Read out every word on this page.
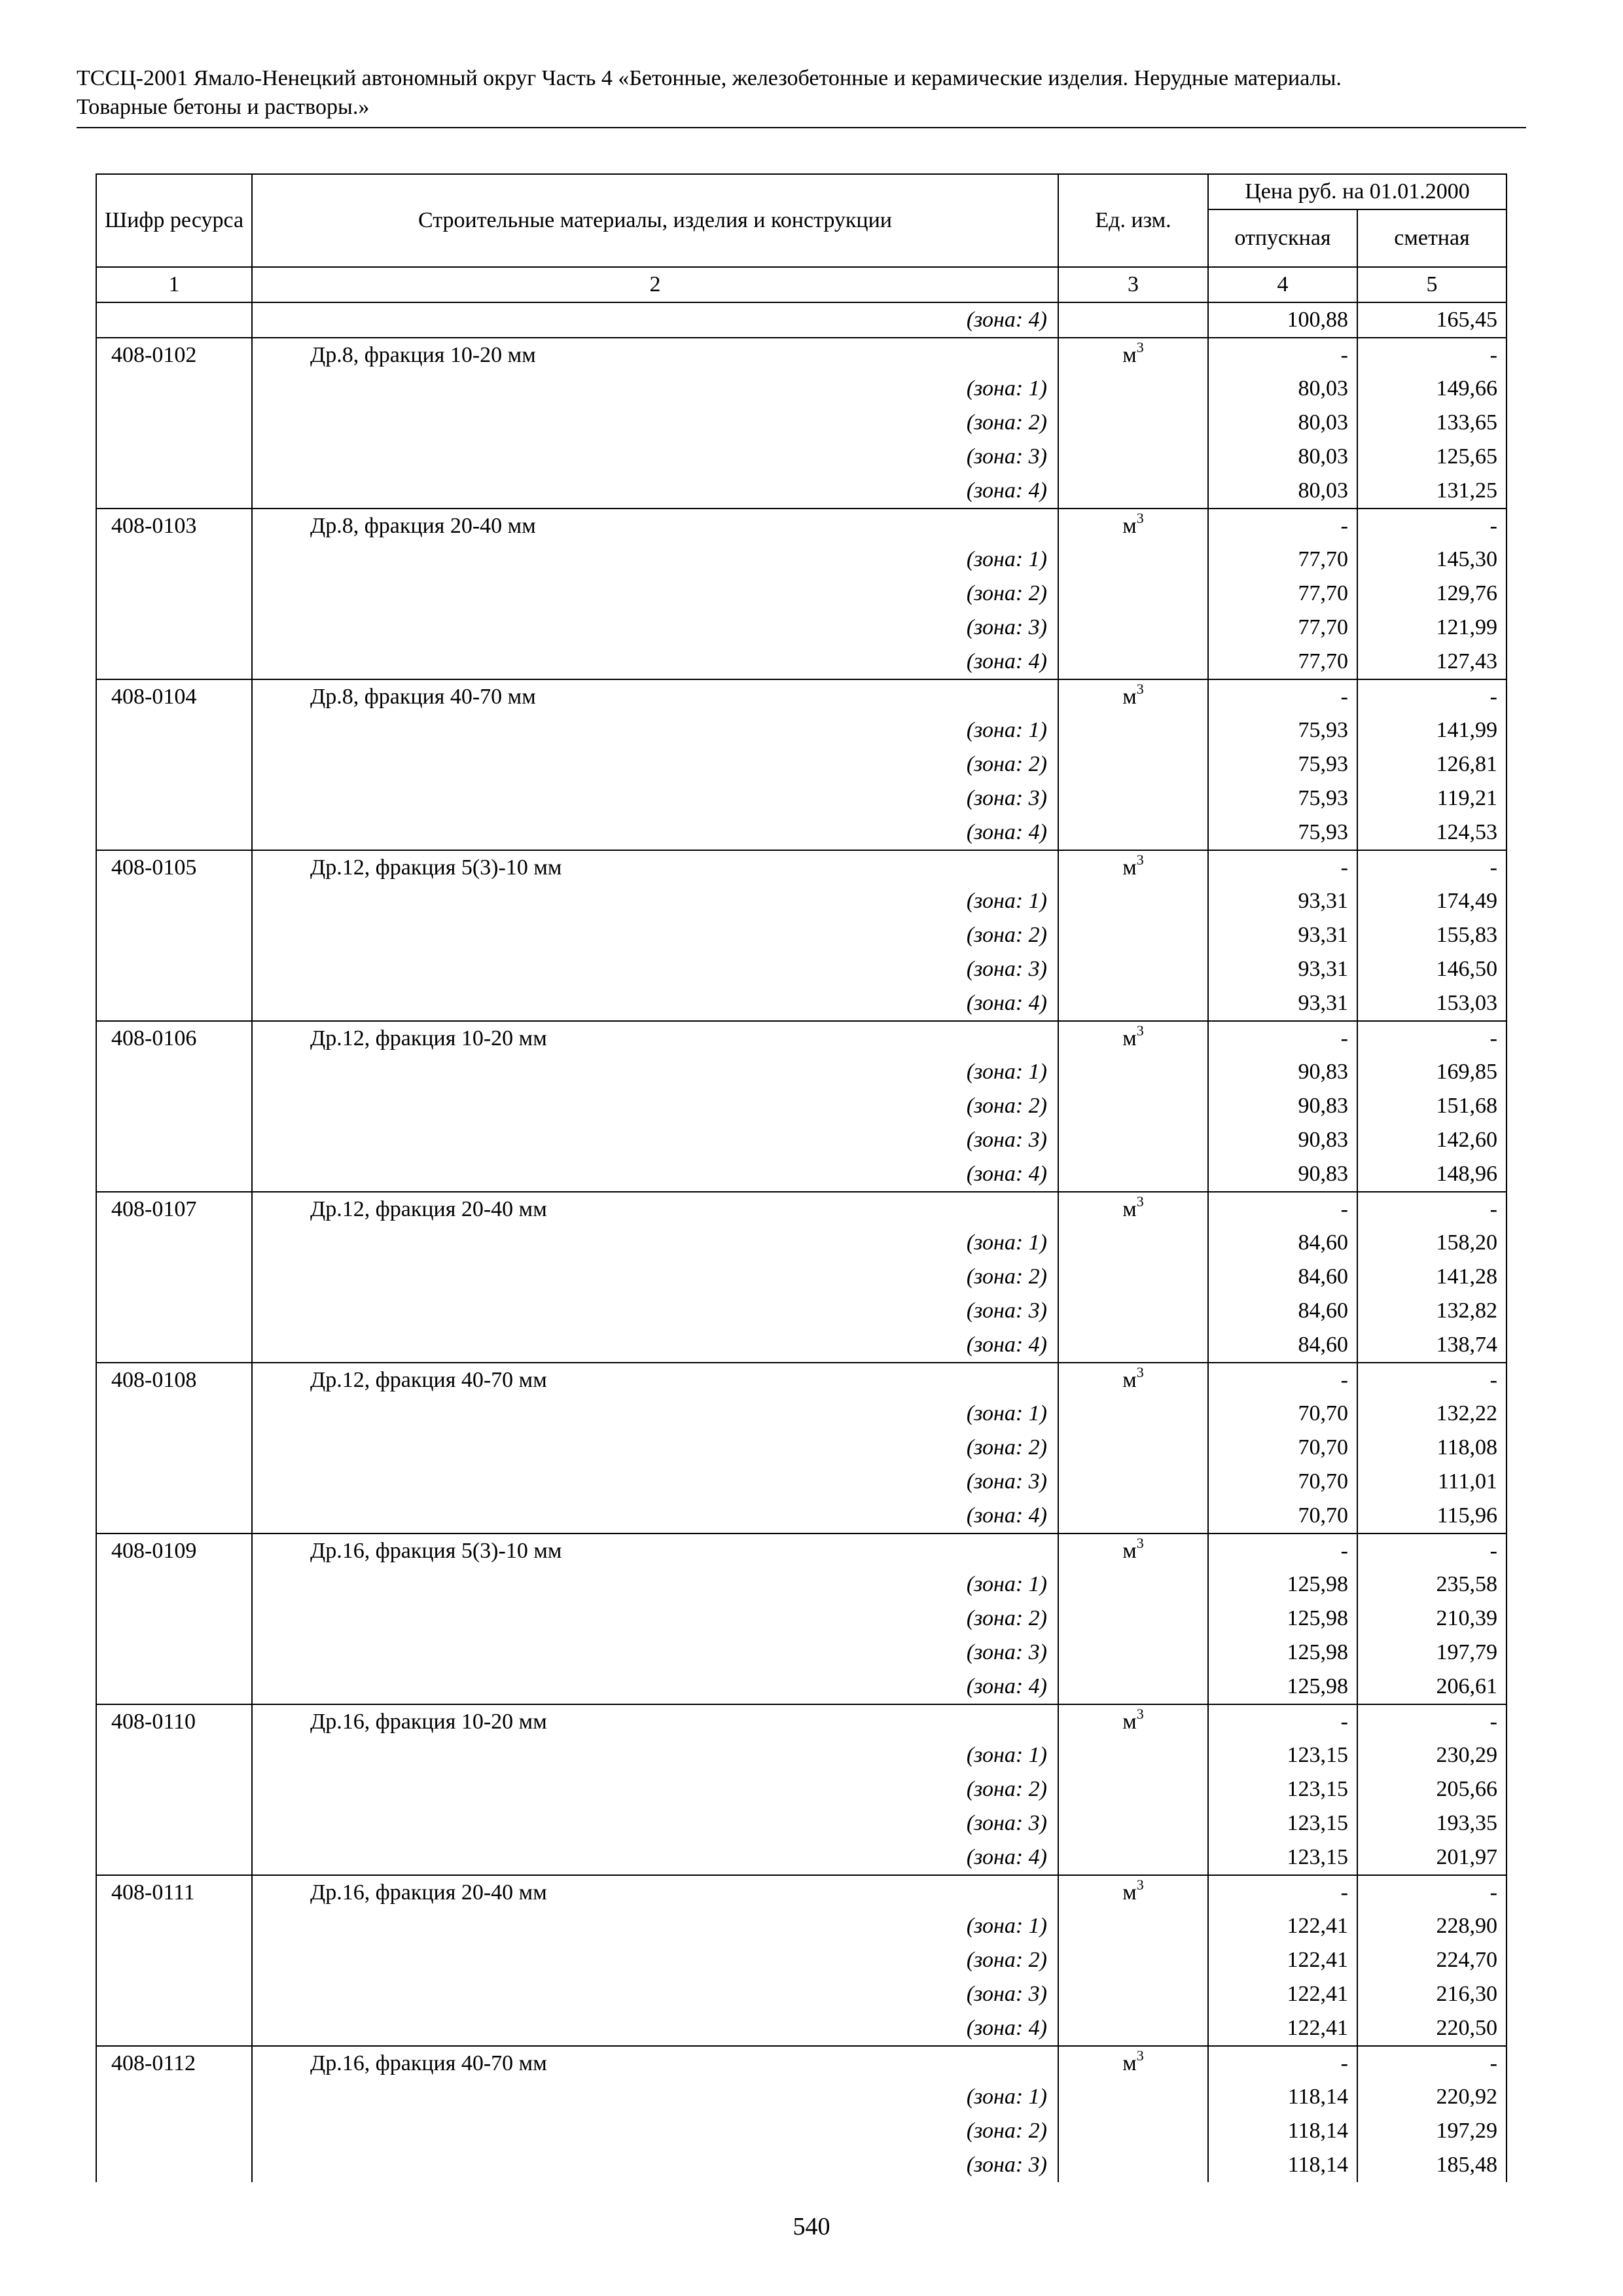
ТССЦ-2001 Ямало-Ненецкий автономный округ Часть 4 «Бетонные, железобетонные и керамические изделия. Нерудные материалы.
Товарные бетоны и растворы.»
Шифр ресурса	Строительные материалы, изделия и конструкции	Ед. изм.	Цена руб. на 01.01.2000	
			отпускная	сметная
1	2	3	4	5
	(зона: 4)		100,88	165,45
408-0102	Др.8, фракция 10-20 мм	$м^3$	-	-
	(зона: 1)		80,03	149,66
	(зона: 2)		80,03	133,65
	(зона: 3)		80,03	125,65
	(зона: 4)		80,03	131,25
408-0103	Др.8, фракция 20-40 мм	$м^3$	-	-
	(зона: 1)		77,70	145,30
	(зона: 2)		77,70	129,76
	(зона: 3)		77,70	121,99
	(зона: 4)		77,70	127,43
408-0104	Др.8, фракция 40-70 мм	$м^3$	-	-
	(зона: 1)		75,93	141,99
	(зона: 2)		75,93	126,81
	(зона: 3)		75,93	119,21
	(зона: 4)		75,93	124,53
408-0105	Др.12, фракция 5(3)-10 мм	$м^3$	-	-
	(зона: 1)		93,31	174,49
	(зона: 2)		93,31	155,83
	(зона: 3)		93,31	146,50
	(зона: 4)		93,31	153,03
408-0106	Др.12, фракция 10-20 мм	$м^3$	-	-
	(зона: 1)		90,83	169,85
	(зона: 2)		90,83	151,68
	(зона: 3)		90,83	142,60
	(зона: 4)		90,83	148,96
408-0107	Др.12, фракция 20-40 мм	$м^3$	-	-
	(зона: 1)		84,60	158,20
	(зона: 2)		84,60	141,28
	(зона: 3)		84,60	132,82
	(зона: 4)		84,60	138,74
408-0108	Др.12, фракция 40-70 мм	$м^3$	-	-
	(зона: 1)		70,70	132,22
	(зона: 2)		70,70	118,08
	(зона: 3)		70,70	111,01
	(зона: 4)		70,70	115,96
408-0109	Др.16, фракция 5(3)-10 мм	$м^3$	-	-
	(зона: 1)		125,98	235,58
	(зона: 2)		125,98	210,39
	(зона: 3)		125,98	197,79
	(зона: 4)		125,98	206,61
408-0110	Др.16, фракция 10-20 мм	$м^3$	-	-
	(зона: 1)		123,15	230,29
	(зона: 2)		123,15	205,66
	(зона: 3)		123,15	193,35
	(зона: 4)		123,15	201,97
408-0111	Др.16, фракция 20-40 мм	$м^3$	-	-
	(зона: 1)		122,41	228,90
	(зона: 2)		122,41	224,70
	(зона: 3)		122,41	216,30
	(зона: 4)		122,41	220,50
408-0112	Др.16, фракция 40-70 мм	$м^3$	-	-
	(зона: 1)		118,14	220,92
	(зона: 2)		118,14	197,29
	(зона: 3)		118,14	185,48
540
